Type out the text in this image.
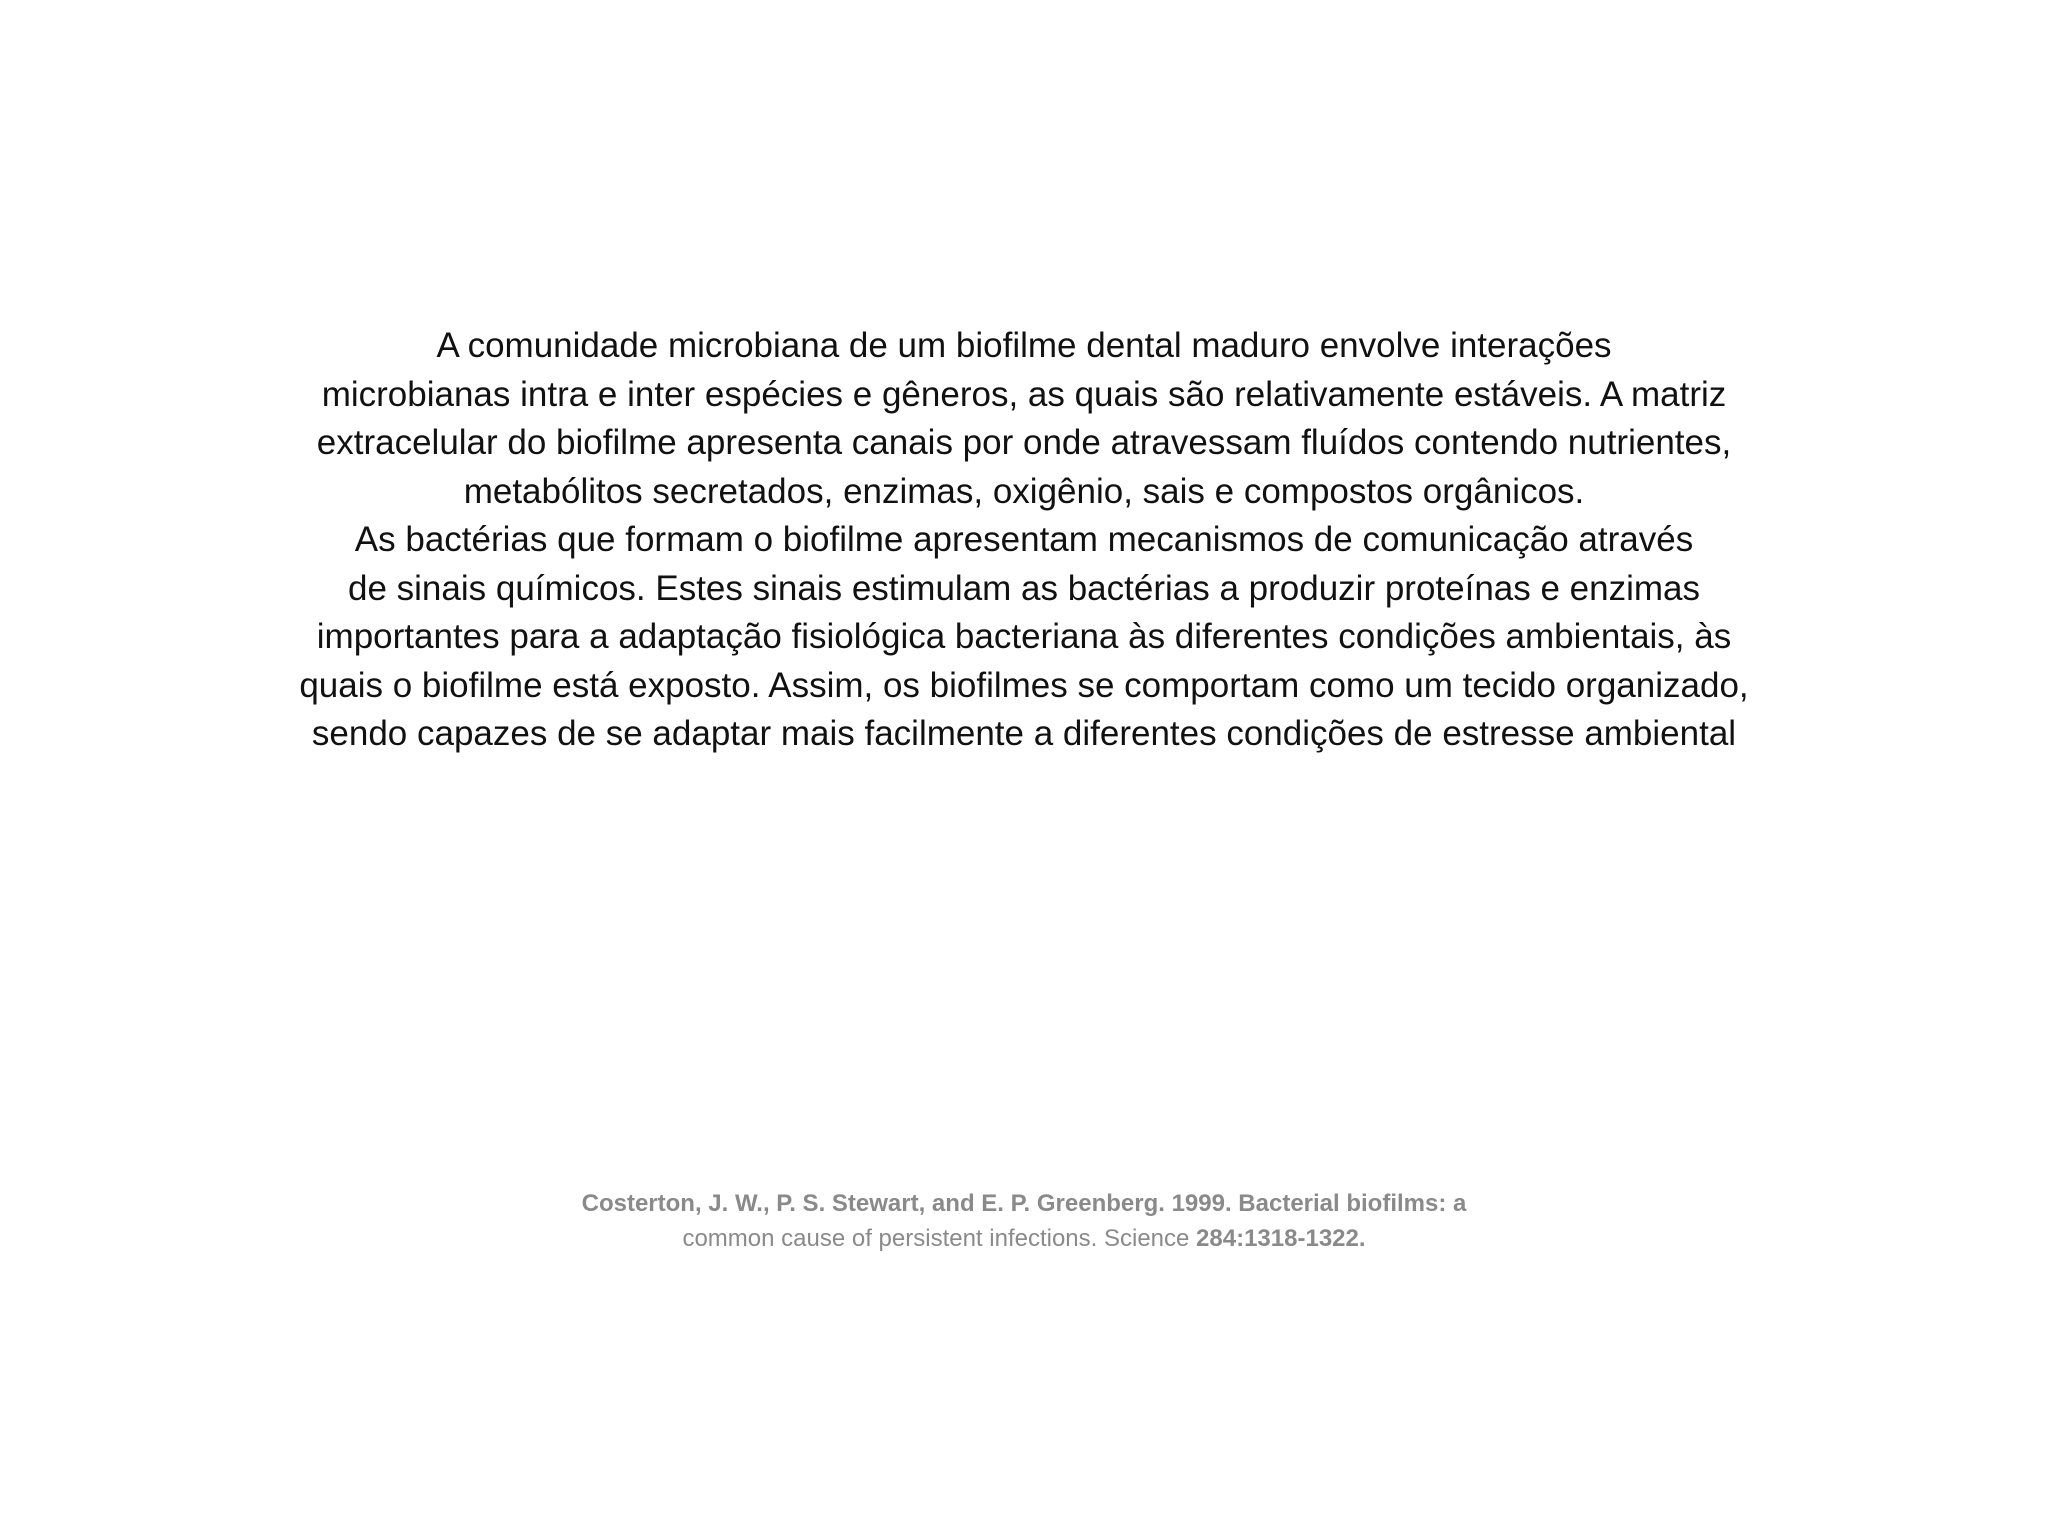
A comunidade microbiana de um biofilme dental maduro envolve interações
microbianas intra e inter espécies e gêneros, as quais são relativamente estáveis. A matriz
extracelular do biofilme apresenta canais por onde atravessam fluídos contendo nutrientes,
metabólitos secretados, enzimas, oxigênio, sais e compostos orgânicos.
As bactérias que formam o biofilme apresentam mecanismos de comunicação através
de sinais químicos. Estes sinais estimulam as bactérias a produzir proteínas e enzimas
importantes para a adaptação fisiológica bacteriana às diferentes condições ambientais, às
quais o biofilme está exposto. Assim, os biofilmes se comportam como um tecido organizado,
sendo capazes de se adaptar mais facilmente a diferentes condições de estresse ambiental
Costerton, J. W., P. S. Stewart, and E. P. Greenberg. 1999. Bacterial biofilms: a
common cause of persistent infections. Science 284:1318-1322.
